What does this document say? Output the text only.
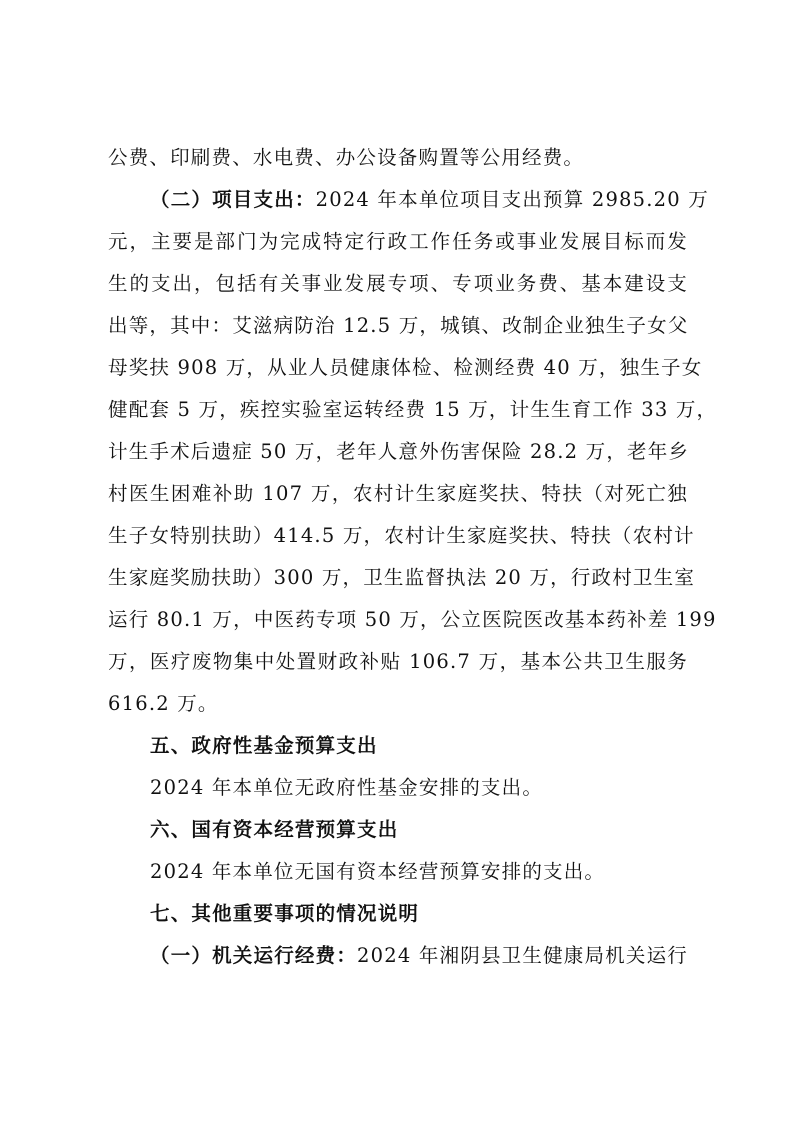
公费、印刷费、水电费、办公设备购置等公用经费。
（二）项目支出：2024 年本单位项目支出预算 2985.20 万
元，主要是部门为完成特定行政工作任务或事业发展目标而发
生的支出，包括有关事业发展专项、专项业务费、基本建设支
出等，其中：艾滋病防治 12.5 万，城镇、改制企业独生子女父
母奖扶 908 万，从业人员健康体检、检测经费 40 万，独生子女
健配套 5 万，疾控实验室运转经费 15 万，计生生育工作 33 万，
计生手术后遗症 50 万，老年人意外伤害保险 28.2 万，老年乡
村医生困难补助 107 万，农村计生家庭奖扶、特扶（对死亡独
生子女特别扶助）414.5 万，农村计生家庭奖扶、特扶（农村计
生家庭奖励扶助）300 万，卫生监督执法 20 万，行政村卫生室
运行 80.1 万，中医药专项 50 万，公立医院医改基本药补差 199
万，医疗废物集中处置财政补贴 106.7 万，基本公共卫生服务
616.2 万。
五、政府性基金预算支出
2024 年本单位无政府性基金安排的支出。
六、国有资本经营预算支出
2024 年本单位无国有资本经营预算安排的支出。
七、其他重要事项的情况说明
（一）机关运行经费：2024 年湘阴县卫生健康局机关运行
